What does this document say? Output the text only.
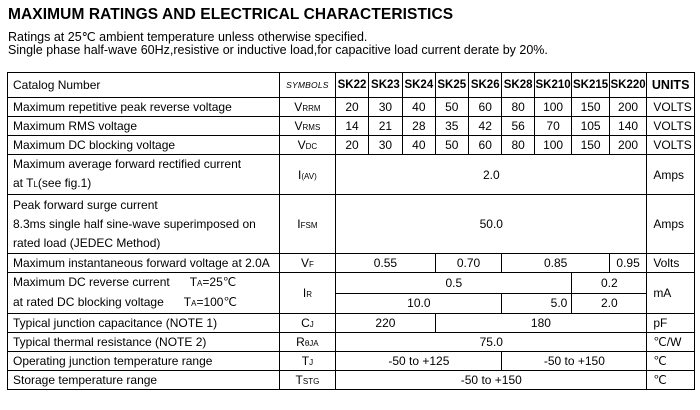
MAXIMUM RATINGS AND ELECTRICAL CHARACTERISTICS
Ratings at 25℃ ambient temperature unless otherwise specified.
Single phase half-wave 60Hz,resistive or inductive load,for capacitive load current derate by 20%.
Catalog Number	SYMBOLS	SK22	SK23	SK24	SK25	SK26	SK28	SK210	SK215	SK220	UNITS
Maximum repetitive peak reverse voltage	VRRM	20	30	40	50	60	80	100	150	200	VOLTS
Maximum RMS voltage	VRMS	14	21	28	35	42	56	70	105	140	VOLTS
Maximum DC blocking voltage	VDC	20	30	40	50	60	80	100	150	200	VOLTS
Maximum average forward rectified current
at TL(see fig.1)	I(AV)	2.0									Amps
Peak forward surge current
8.3ms single half sine-wave superimposed on
rated load (JEDEC Method)	IFSM	50.0									Amps
Maximum instantaneous forward voltage at 2.0A	VF	0.55			0.70		0.85			0.95	Volts
Maximum DC reverse current TA=25℃
at rated DC blocking voltage TA=100℃	IR	0.5							0.2		mA
		10.0					5.0		2.0		
Typical junction capacitance (NOTE 1)	CJ	220			180						pF
Typical thermal resistance (NOTE 2)	RθJA	75.0									℃/W
Operating junction temperature range	TJ	-50 to +125					-50 to +150				℃
Storage temperature range	TSTG	-50 to +150									℃
